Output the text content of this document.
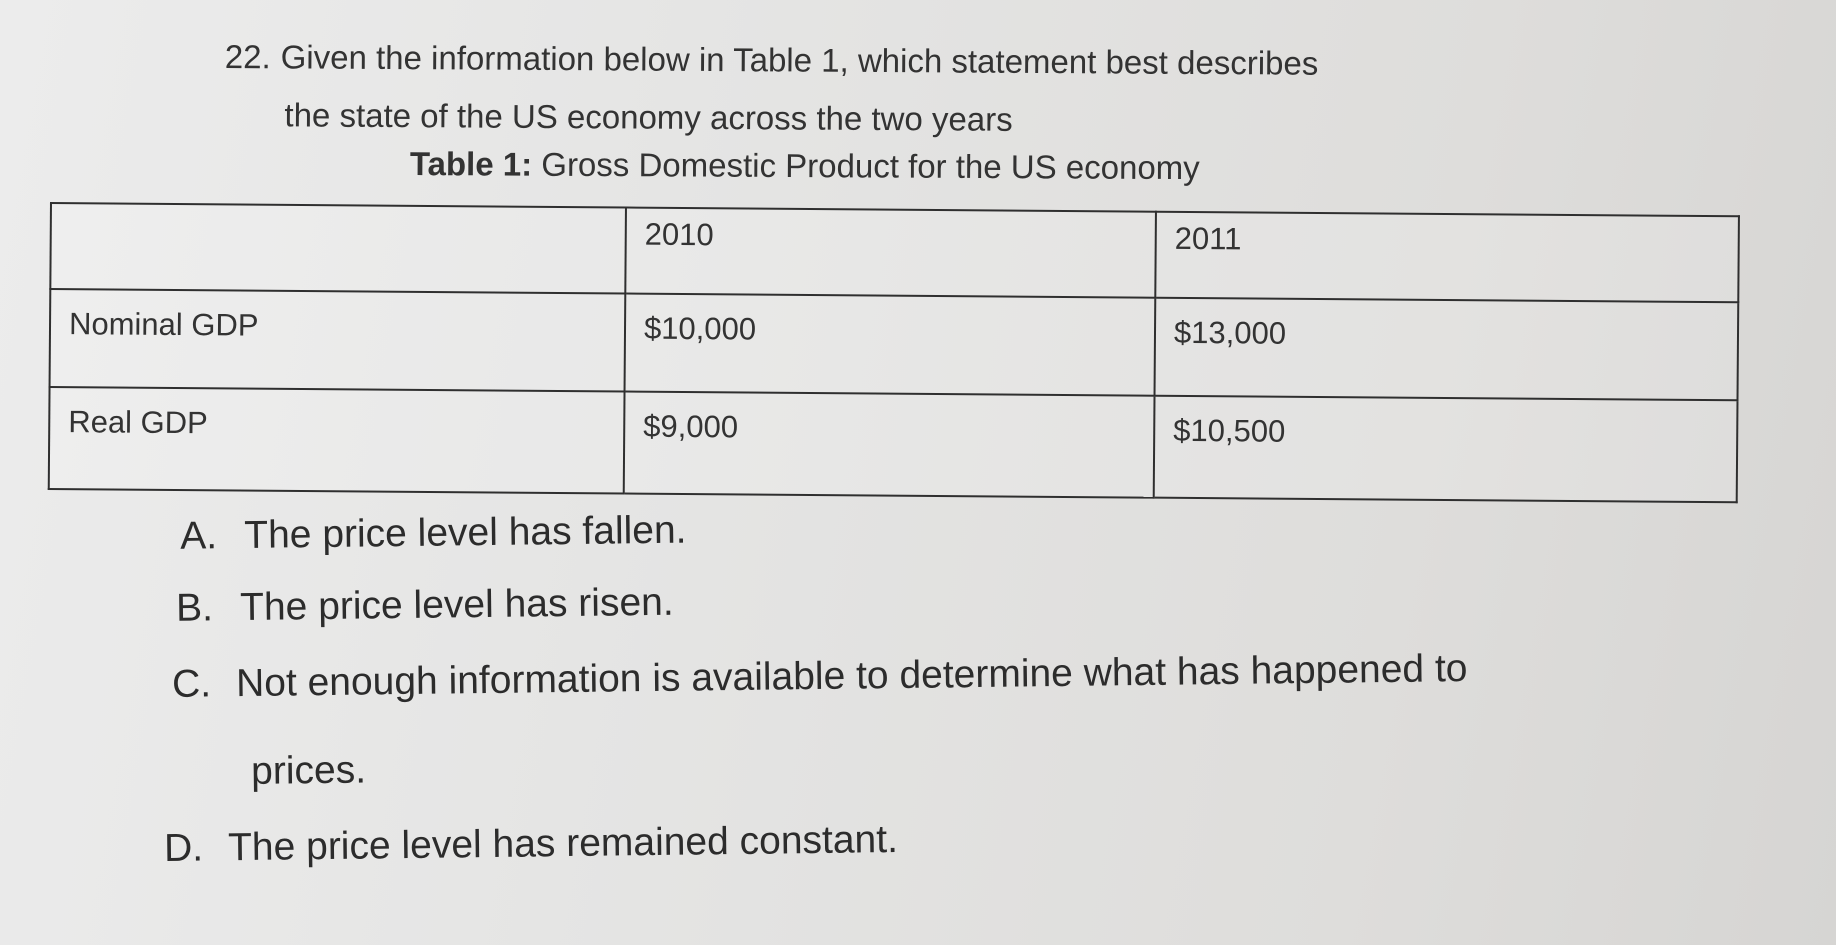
22. Given the information below in Table 1, which statement best describes
the state of the US economy across the two years
Table 1: Gross Domestic Product for the US economy
	2010	2011
Nominal GDP	$10,000	$13,000
Real GDP	$9,000	$10,500
A. The price level has fallen.
B. The price level has risen.
C. Not enough information is available to determine what has happened to
prices.
D. The price level has remained constant.
